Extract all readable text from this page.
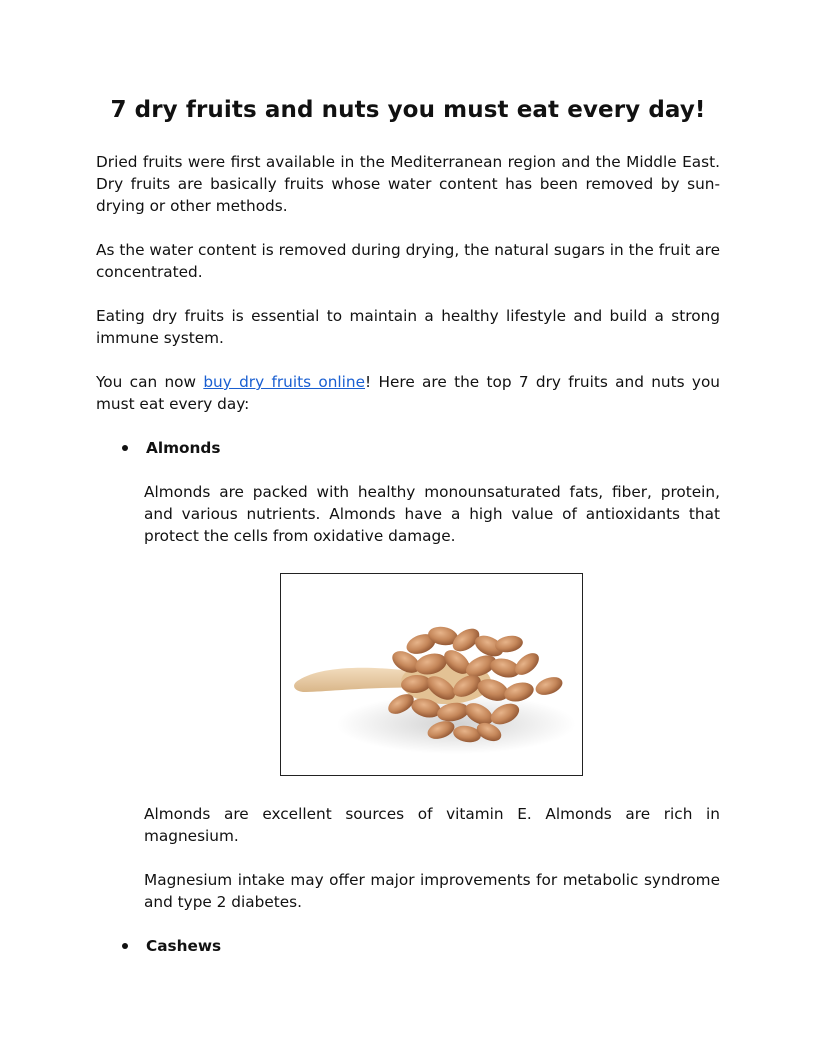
7 dry fruits and nuts you must eat every day!

Dried fruits were first available in the Mediterranean region and the Middle East. Dry fruits are basically fruits whose water content has been removed by sun-drying or other methods.

As the water content is removed during drying, the natural sugars in the fruit are concentrated.

Eating dry fruits is essential to maintain a healthy lifestyle and build a strong immune system.

You can now buy dry fruits online! Here are the top 7 dry fruits and nuts you must eat every day:

Almonds

Almonds are packed with healthy monounsaturated fats, fiber, protein, and various nutrients. Almonds have a high value of antioxidants that protect the cells from oxidative damage.

Almonds are excellent sources of vitamin E. Almonds are rich in magnesium.

Magnesium intake may offer major improvements for metabolic syndrome and type 2 diabetes.

Cashews
